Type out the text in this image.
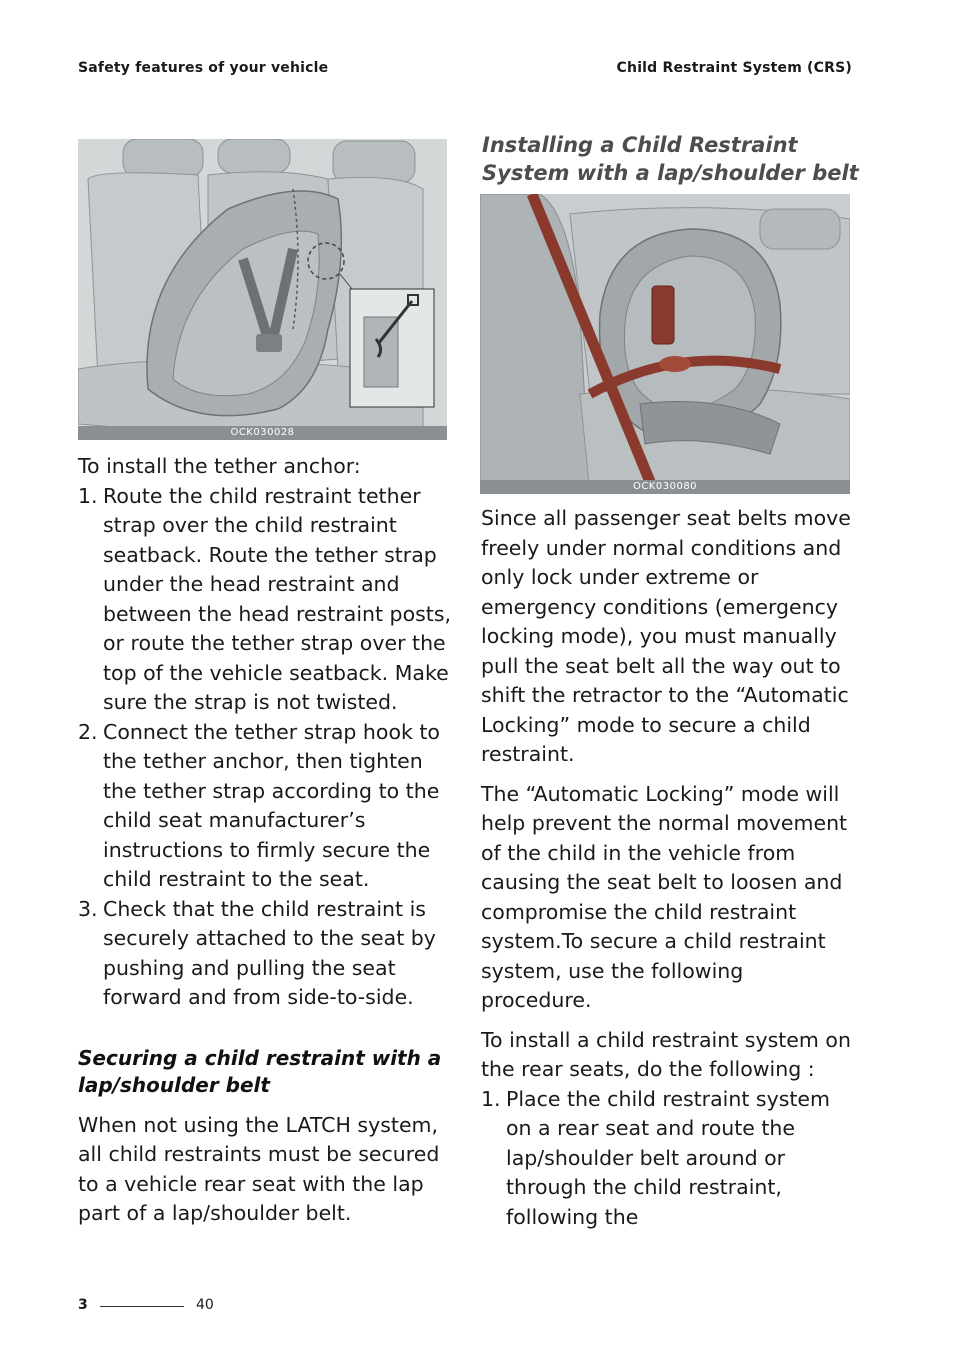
Safety features of your vehicle	Child Restraint System (CRS)
OCK030028
Installing a Child Restraint System with a lap/shoulder belt
OCK030080

To install the tether anchor:

1. Route the child restraint tether strap over the child restraint seatback. Route the tether strap under the head restraint and between the head restraint posts, or route the tether strap over the top of the vehicle seatback. Make sure the strap is not twisted.
2. Connect the tether strap hook to the tether anchor, then tighten the tether strap according to the child seat manufacturer’s instructions to firmly secure the child restraint to the seat.
3. Check that the child restraint is securely attached to the seat by pushing and pulling the seat forward and from side-to-side.
Securing a child restraint with a lap/shoulder belt

When not using the LATCH system, all child restraints must be secured to a vehicle rear seat with the lap part of a lap/shoulder belt.

Since all passenger seat belts move freely under normal conditions and only lock under extreme or emergency conditions (emergency locking mode), you must manually pull the seat belt all the way out to shift the retractor to the “Automatic Locking” mode to secure a child restraint.

The “Automatic Locking” mode will help prevent the normal movement of the child in the vehicle from causing the seat belt to loosen and compromise the child restraint system.To secure a child restraint system, use the following procedure.

To install a child restraint system on the rear seats, do the following :

1. Place the child restraint system on a rear seat and route the lap/shoulder belt around or through the child restraint, following the
3	40
